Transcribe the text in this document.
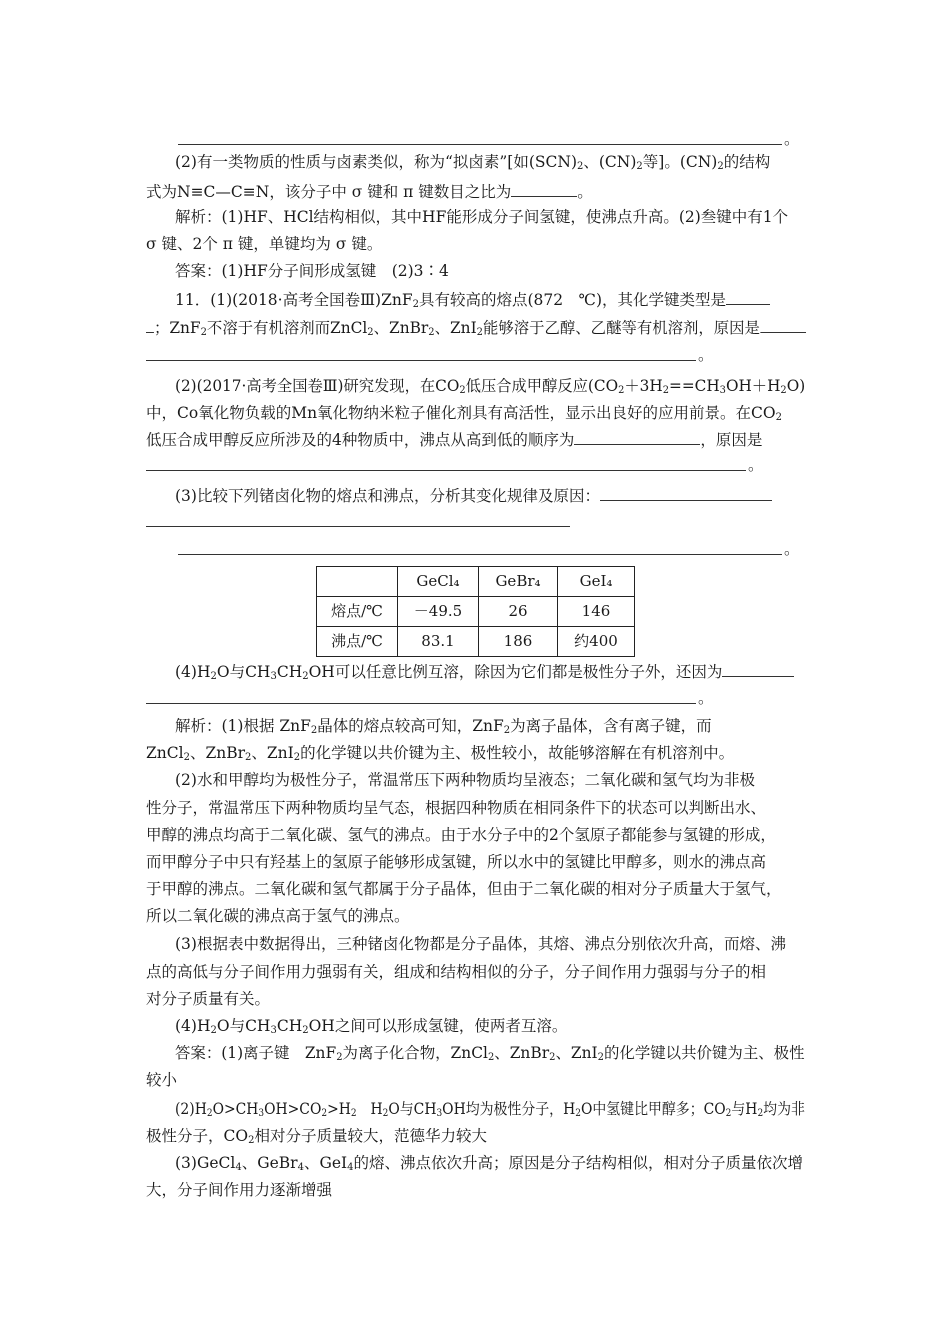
。
(2)有一类物质的性质与卤素类似，称为“拟卤素”[如$(SCN)_2$、$(CN)_2$等]。$(CN)_2$的结构
式为N≡C—C≡N，该分子中 σ 键和 π 键数目之比为	。
解析：(1)HF、HCl结构相似，其中HF能形成分子间氢键，使沸点升高。(2)叁键中有1个
σ 键、2个 π 键，单键均为 σ 键。
答案：(1)HF分子间形成氢键　(2)3∶4
11．(1)(2018·高考全国卷Ⅲ)ZnF$_2$具有较高的熔点(872　℃)，其化学键类型是
；ZnF$_2$不溶于有机溶剂而ZnCl$_2$、ZnBr$_2$、ZnI$_2$能够溶于乙醇、乙醚等有机溶剂，原因是
。
(2)(2017·高考全国卷Ⅲ)研究发现，在$CO_2$低压合成甲醇反应$(CO_2+3H_2==CH_3OH+H_2O)$
中，Co氧化物负载的Mn氧化物纳米粒子催化剂具有高活性，显示出良好的应用前景。在$CO_2$
低压合成甲醇反应所涉及的4种物质中，沸点从高到低的顺序为	，原因是
。
(3)比较下列锗卤化物的熔点和沸点，分析其变化规律及原因：
。
	GeCl₄	GeBr₄	GeI₄
熔点/℃	－49.5	26	146
沸点/℃	83.1	186	约400
$(4)H_2O$与$CH_3CH_2OH$可以任意比例互溶，除因为它们都是极性分子外，还因为
。
解析：(1)根据 ZnF$_2$晶体的熔点较高可知，ZnF$_2$为离子晶体，含有离子键，而
ZnCl$_2$、ZnBr$_2$、ZnI$_2$的化学键以共价键为主、极性较小，故能够溶解在有机溶剂中。
(2)水和甲醇均为极性分子，常温常压下两种物质均呈液态；二氧化碳和氢气均为非极
性分子，常温常压下两种物质均呈气态，根据四种物质在相同条件下的状态可以判断出水、
甲醇的沸点均高于二氧化碳、氢气的沸点。由于水分子中的2个氢原子都能参与氢键的形成，
而甲醇分子中只有羟基上的氢原子能够形成氢键，所以水中的氢键比甲醇多，则水的沸点高
于甲醇的沸点。二氧化碳和氢气都属于分子晶体，但由于二氧化碳的相对分子质量大于氢气，
所以二氧化碳的沸点高于氢气的沸点。
(3)根据表中数据得出，三种锗卤化物都是分子晶体，其熔、沸点分别依次升高，而熔、沸
点的高低与分子间作用力强弱有关，组成和结构相似的分子，分子间作用力强弱与分子的相
对分子质量有关。
$(4)H_2O$与$CH_3CH_2OH$之间可以形成氢键，使两者互溶。
答案：(1)离子键　ZnF$_2$为离子化合物，ZnCl$_2$、ZnBr$_2$、ZnI$_2$的化学键以共价键为主、极性
较小
$(2)H_2O>CH_3OH>CO_2>H_2$　$H_2O$与$CH_3OH$均为极性分子，$H_2O$中氢键比甲醇多；$CO_2$与$H_2$均为非
极性分子，$CO_2$相对分子质量较大，范德华力较大
(3)GeCl$_4$、GeBr$_4$、GeI$_4$的熔、沸点依次升高；原因是分子结构相似，相对分子质量依次增
大，分子间作用力逐渐增强
